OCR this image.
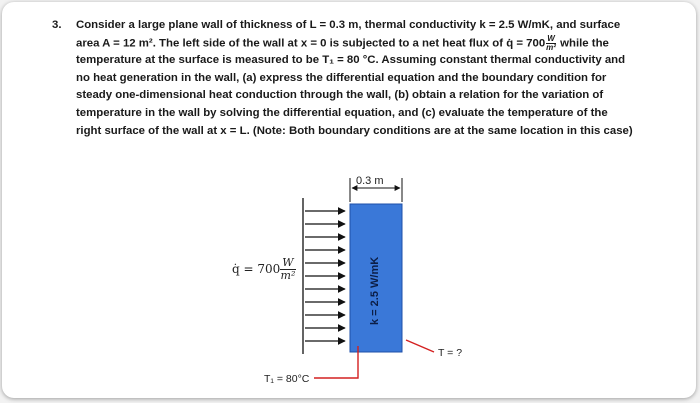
3. Consider a large plane wall of thickness of L = 0.3 m, thermal conductivity k = 2.5 W/mK, and surface
area A = 12 m². The left side of the wall at x = 0 is subjected to a net heat flux of q̇ = $700 \frac{W}{\text{m²}}$ while the
temperature at the surface is measured to be T₁ = 80 °C. Assuming constant thermal conductivity and
no heat generation in the wall, (a) express the differential equation and the boundary condition for
steady one-dimensional heat conduction through the wall, (b) obtain a relation for the variation of
temperature in the wall by solving the differential equation, and (c) evaluate the temperature of the
right surface of the wall at x = L. (Note: Both boundary conditions are at the same location in this case)
0.3 m
k = 2.5 W/mK
T = ?
T₁ = 80°C
q̇ = $700 \frac{W}{\text{m²}}$
